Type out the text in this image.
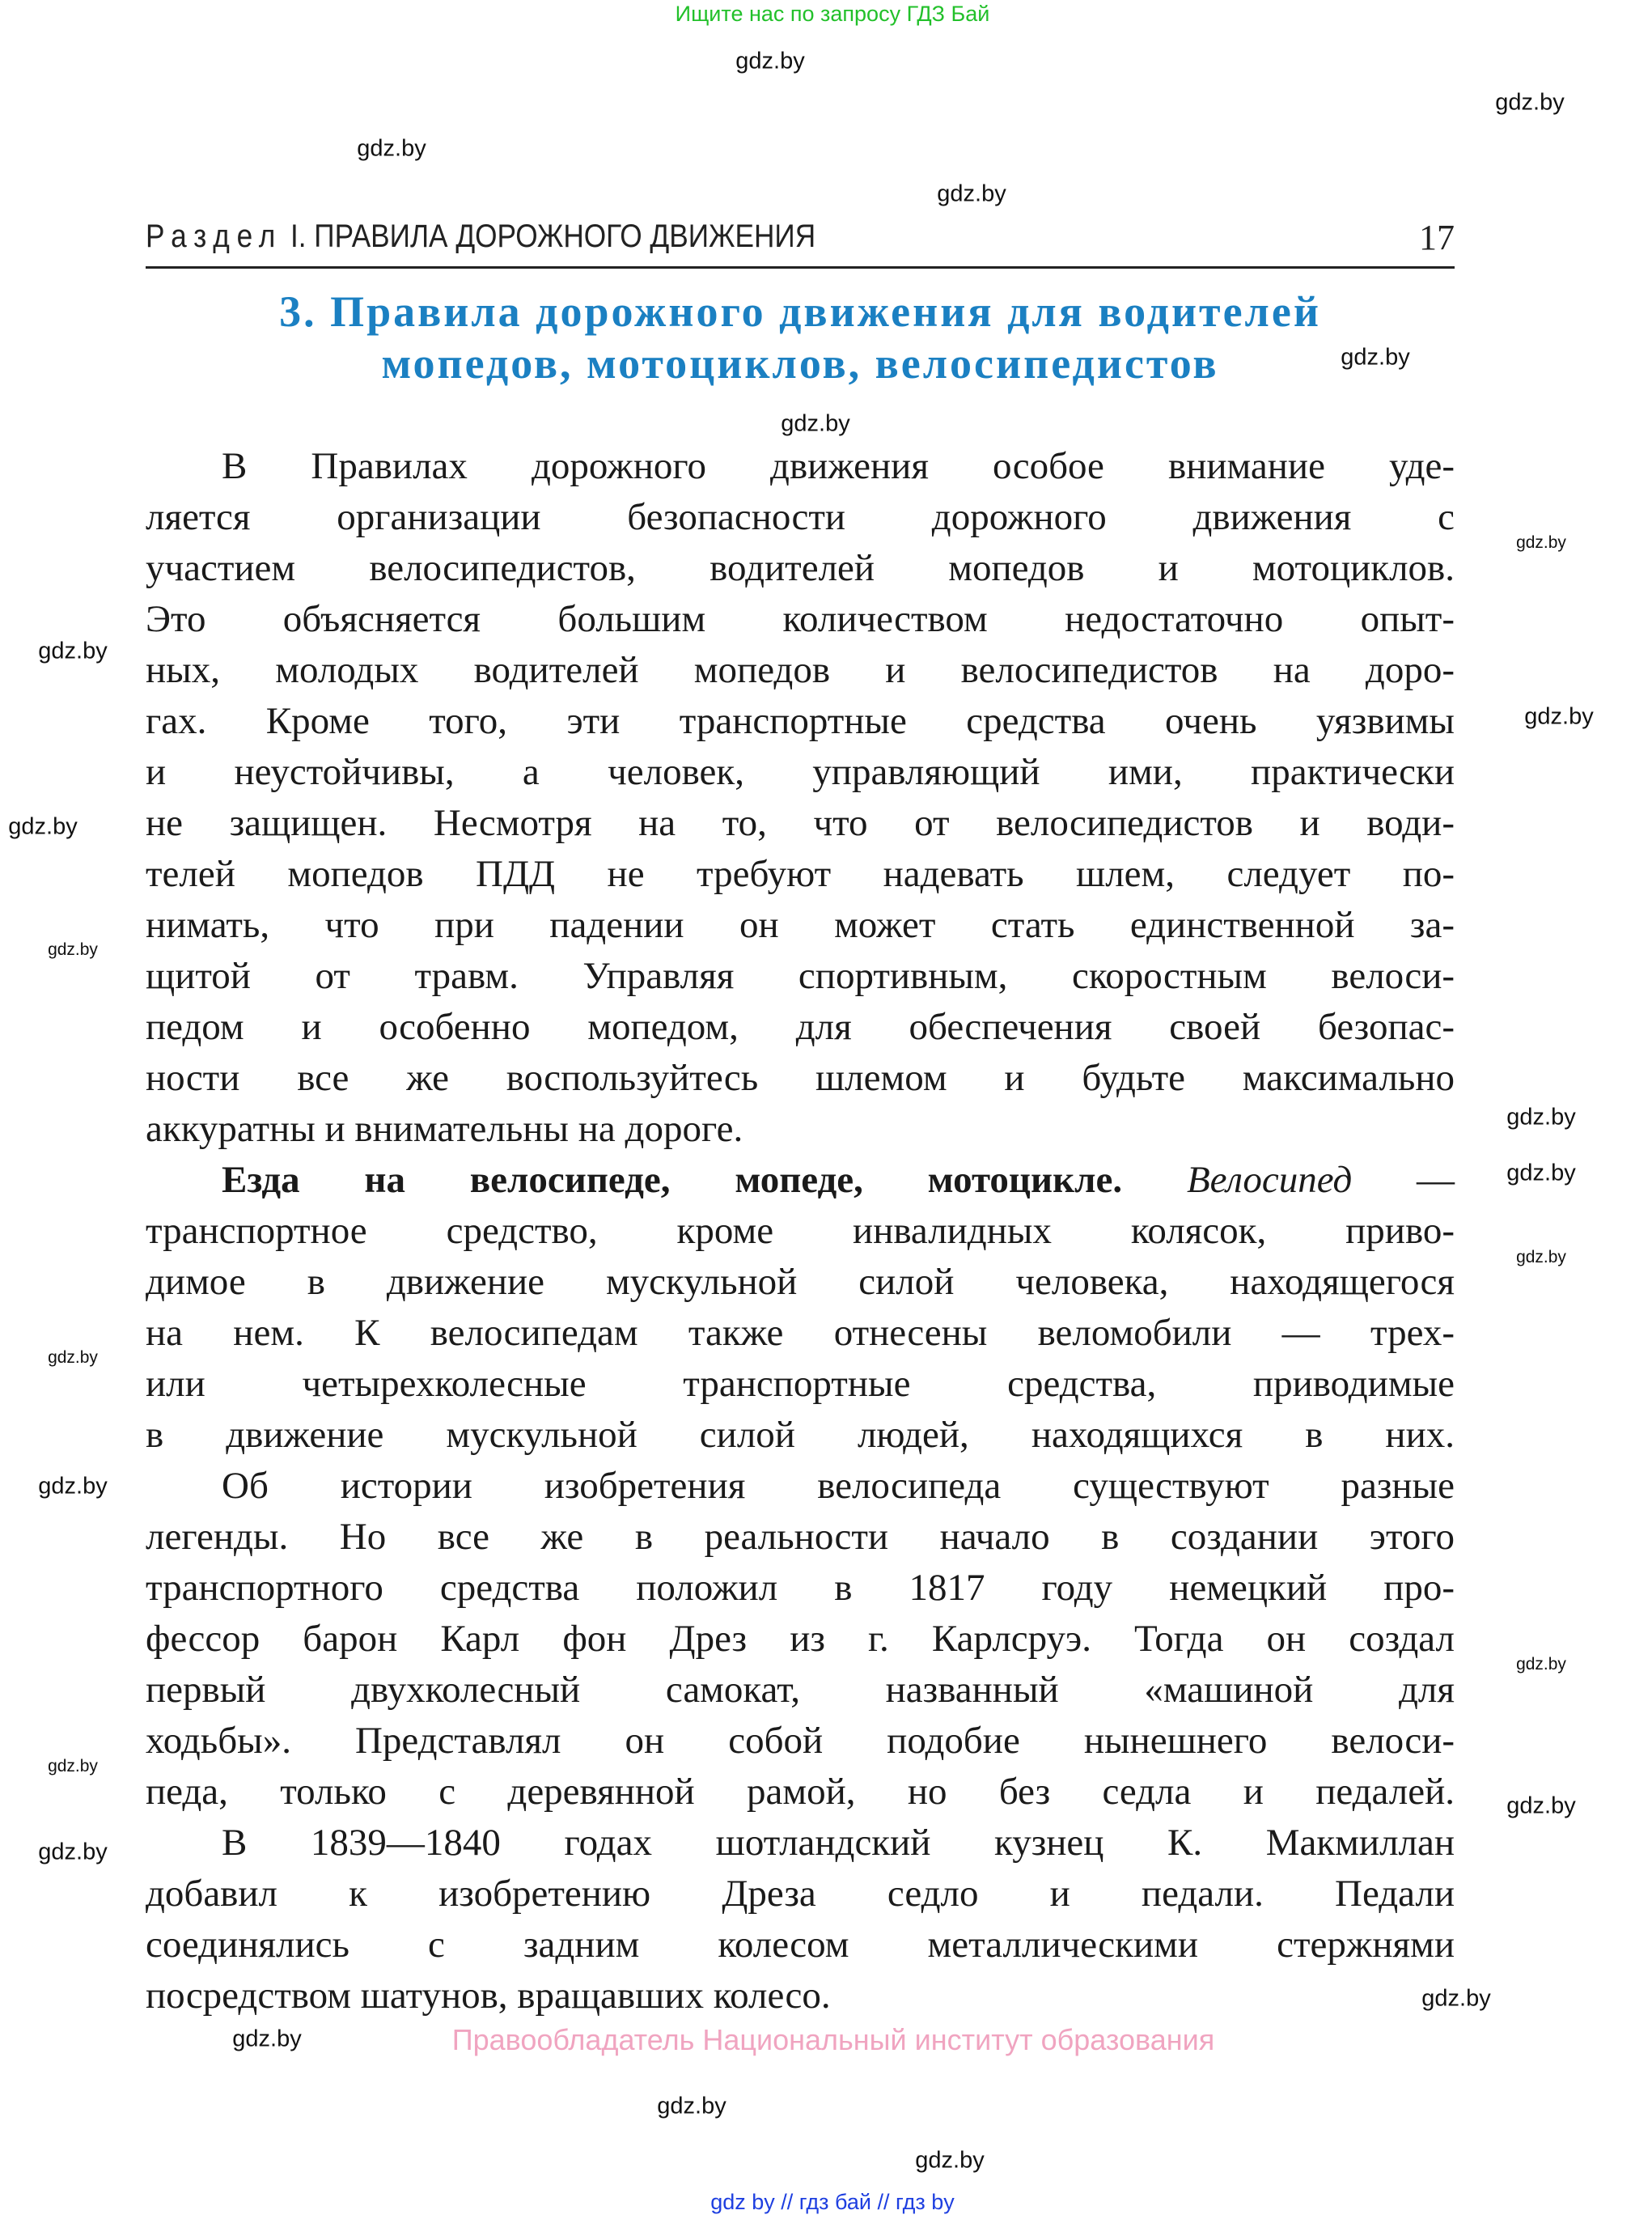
Ищите нас по запросу ГДЗ Бай
gdz.by
gdz.by
gdz.by
gdz.by
gdz.by
gdz.by
gdz.by
gdz.by
gdz.by
gdz.by
gdz.by
gdz.by
gdz.by
gdz.by
gdz.by
gdz.by
gdz.by
gdz.by
gdz.by
gdz.by
gdz.by
gdz.by
gdz.by
gdz.by
Раздел I. ПРАВИЛА ДОРОЖНОГО ДВИЖЕНИЯ	17
3. Правила дорожного движения для водителей
мопедов, мотоциклов, велосипедистов
В Правилах дорожного движения особое внимание уде-
ляется организации безопасности дорожного движения с
участием велосипедистов, водителей мопедов и мотоциклов.
Это объясняется большим количеством недостаточно опыт-
ных, молодых водителей мопедов и велосипедистов на доро-
гах. Кроме того, эти транспортные средства очень уязвимы
и неустойчивы, а человек, управляющий ими, практически
не защищен. Несмотря на то, что от велосипедистов и води-
телей мопедов ПДД не требуют надевать шлем, следует по-
нимать, что при падении он может стать единственной за-
щитой от травм. Управляя спортивным, скоростным велоси-
педом и особенно мопедом, для обеспечения своей безопас-
ности все же воспользуйтесь шлемом и будьте максимально
аккуратны и внимательны на дороге.
Езда на велосипеде, мопеде, мотоцикле. Велосипед —
транспортное средство, кроме инвалидных колясок, приво-
димое в движение мускульной силой человека, находящегося
на нем. К велосипедам также отнесены веломобили — трех-
или четырехколесные транспортные средства, приводимые
в движение мускульной силой людей, находящихся в них.
Об истории изобретения велосипеда существуют разные
легенды. Но все же в реальности начало в создании этого
транспортного средства положил в 1817 году немецкий про-
фессор барон Карл фон Дрез из г. Карлсруэ. Тогда он создал
первый двухколесный самокат, названный «машиной для
ходьбы». Представлял он собой подобие нынешнего велоси-
педа, только с деревянной рамой, но без седла и педалей.
В 1839—1840 годах шотландский кузнец К. Макмиллан
добавил к изобретению Дреза седло и педали. Педали
соединялись с задним колесом металлическими стержнями
посредством шатунов, вращавших колесо.
Правообладатель Национальный институт образования
gdz by // гдз бай // гдз by
